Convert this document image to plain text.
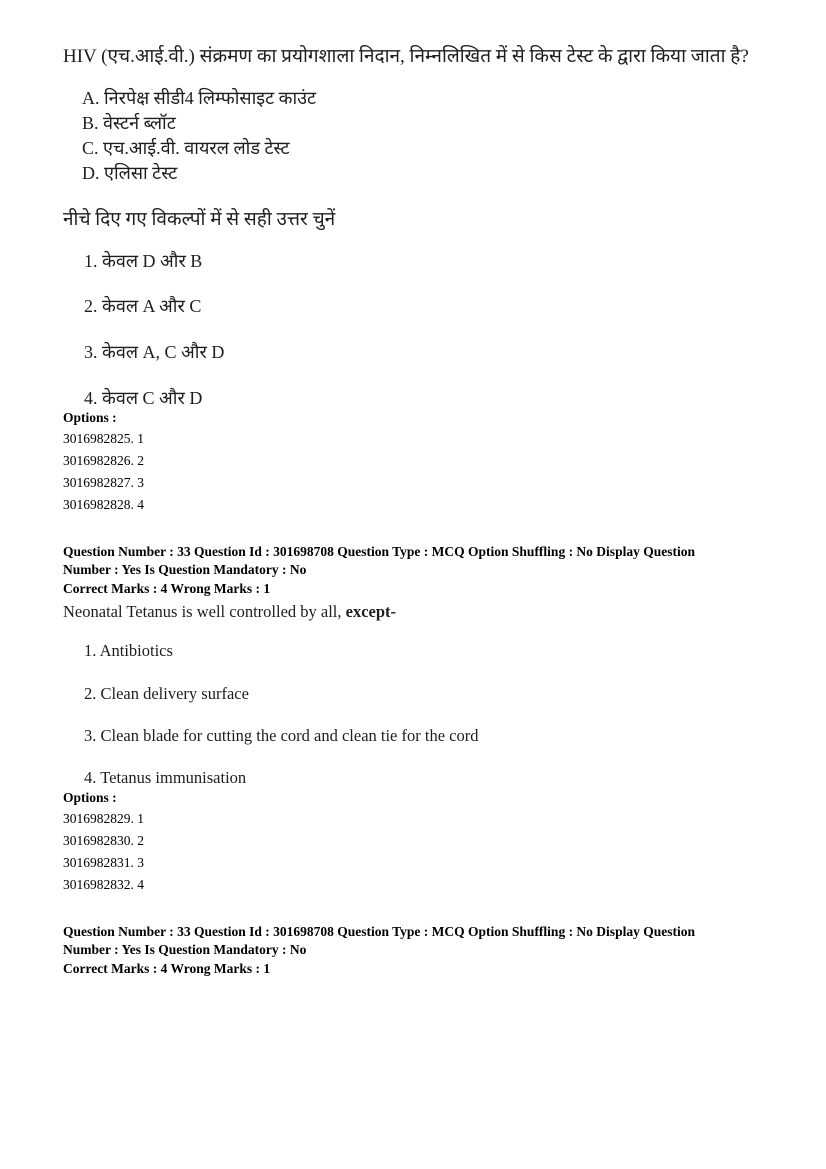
HIV (एच.आई.वी.) संक्रमण का प्रयोगशाला निदान, निम्नलिखित में से किस टेस्ट के द्वारा किया जाता है?
A. निरपेक्ष सीडी4 लिम्फोसाइट काउंट
B. वेस्टर्न ब्लॉट
C. एच.आई.वी. वायरल लोड टेस्ट
D. एलिसा टेस्ट
नीचे दिए गए विकल्पों में से सही उत्तर चुनें
1. केवल D और B
2. केवल A और C
3. केवल A, C और D
4. केवल C और D
Options :
3016982825. 1
3016982826. 2
3016982827. 3
3016982828. 4
Question Number : 33 Question Id : 301698708 Question Type : MCQ Option Shuffling : No Display Question
Number : Yes Is Question Mandatory : No
Correct Marks : 4 Wrong Marks : 1
Neonatal Tetanus is well controlled by all, except-
1. Antibiotics
2. Clean delivery surface
3. Clean blade for cutting the cord and clean tie for the cord
4. Tetanus immunisation
Options :
3016982829. 1
3016982830. 2
3016982831. 3
3016982832. 4
Question Number : 33 Question Id : 301698708 Question Type : MCQ Option Shuffling : No Display Question
Number : Yes Is Question Mandatory : No
Correct Marks : 4 Wrong Marks : 1
